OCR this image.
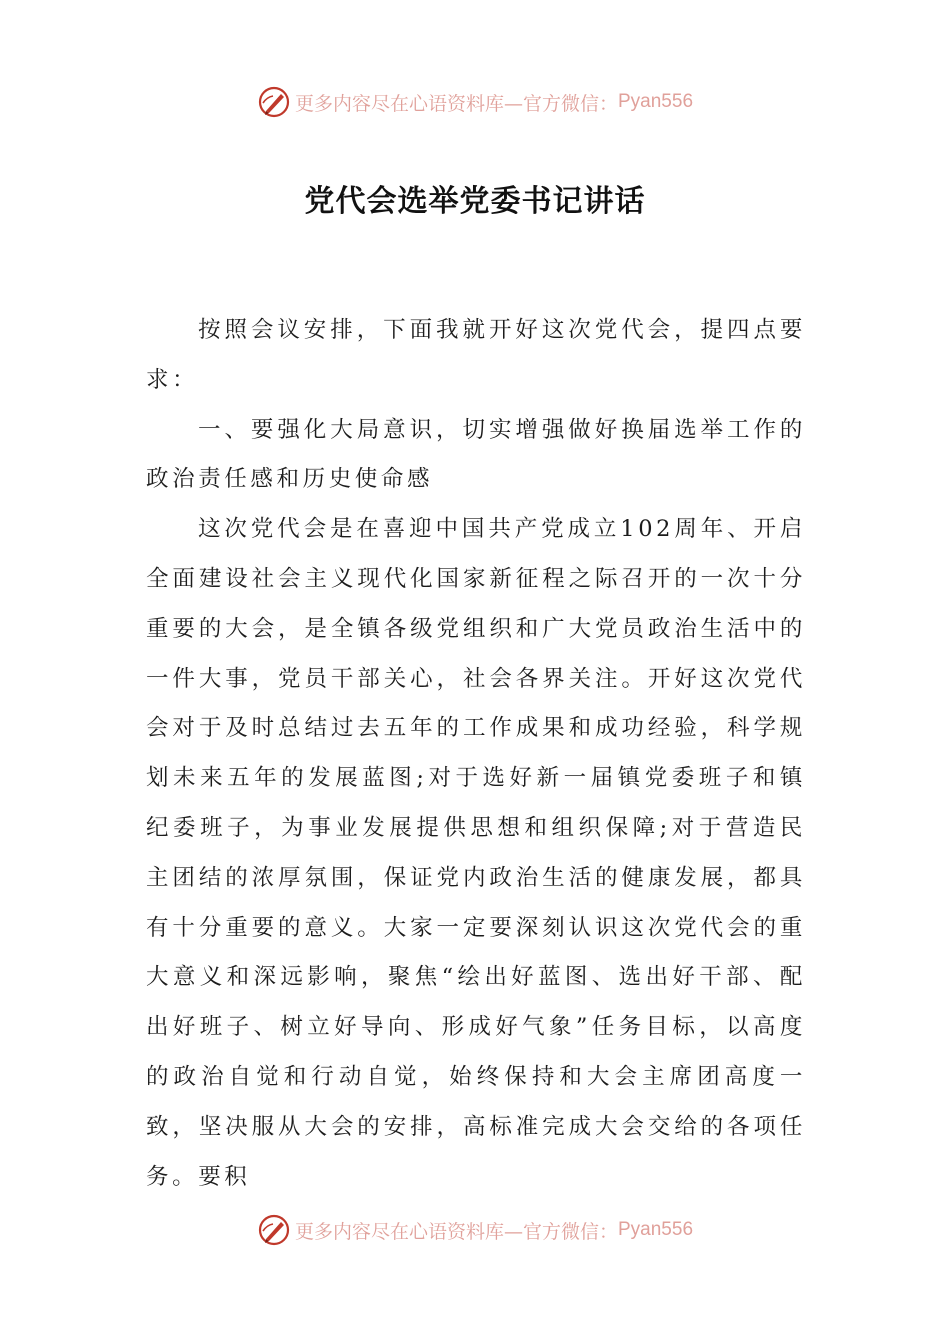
更多内容尽在心语资料库—官方微信： Pyan556
党代会选举党委书记讲话

按照会议安排，下面我就开好这次党代会，提四点要求：

一、要强化大局意识，切实增强做好换届选举工作的政治责任感和历史使命感

这次党代会是在喜迎中国共产党成立102周年、开启全面建设社会主义现代化国家新征程之际召开的一次十分重要的大会，是全镇各级党组织和广大党员政治生活中的一件大事，党员干部关心，社会各界关注。开好这次党代会对于及时总结过去五年的工作成果和成功经验，科学规划未来五年的发展蓝图;对于选好新一届镇党委班子和镇纪委班子，为事业发展提供思想和组织保障;对于营造民主团结的浓厚氛围，保证党内政治生活的健康发展，都具有十分重要的意义。大家一定要深刻认识这次党代会的重大意义和深远影响，聚焦“绘出好蓝图、选出好干部、配出好班子、树立好导向、形成好气象”任务目标，以高度的政治自觉和行动自觉，始终保持和大会主席团高度一致，坚决服从大会的安排，高标准完成大会交给的各项任务。要积

更多内容尽在心语资料库—官方微信： Pyan556
